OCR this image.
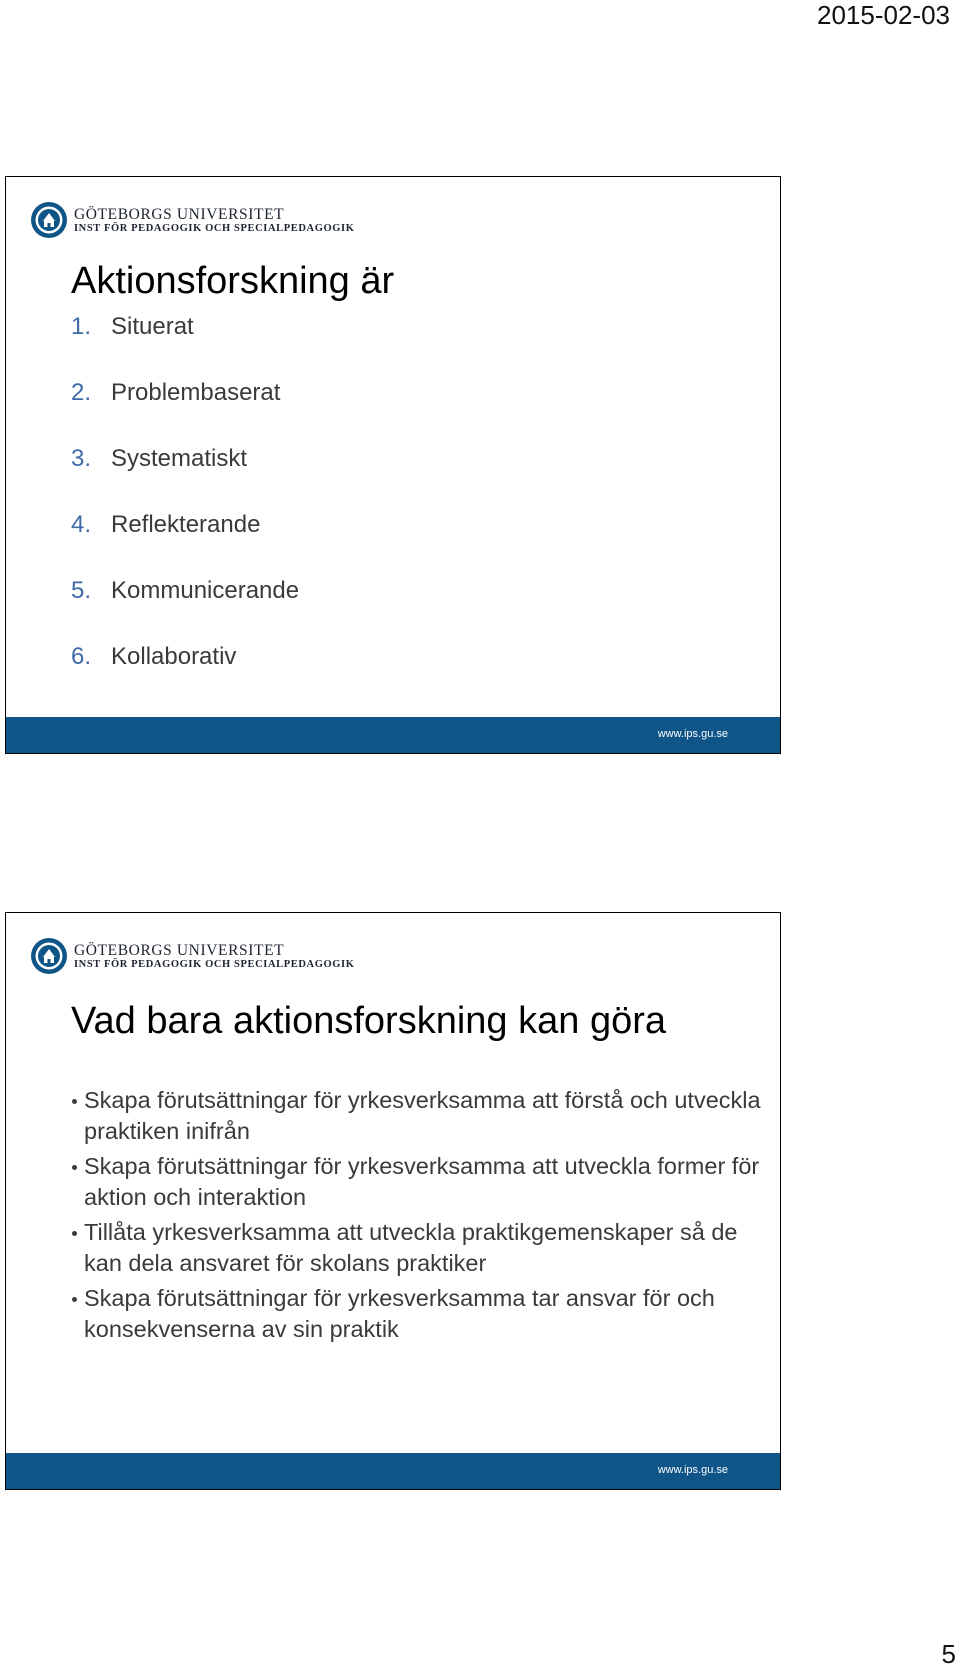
2015-02-03
GÖTEBORGS UNIVERSITET
INST FÖR PEDAGOGIK OCH SPECIALPEDAGOGIK
Aktionsforskning är
1. Situerat
2. Problembaserat
3. Systematiskt
4. Reflekterande
5. Kommunicerande
6. Kollaborativ
www.ips.gu.se
GÖTEBORGS UNIVERSITET
INST FÖR PEDAGOGIK OCH SPECIALPEDAGOGIK
Vad bara aktionsforskning kan göra
Skapa förutsättningar för yrkesverksamma att förstå och utveckla praktiken inifrån
Skapa förutsättningar för yrkesverksamma att utveckla former för aktion och interaktion
Tillåta yrkesverksamma att utveckla praktikgemenskaper så de kan dela ansvaret för skolans praktiker
Skapa förutsättningar för yrkesverksamma tar ansvar för och konsekvenserna av sin praktik
www.ips.gu.se
5
